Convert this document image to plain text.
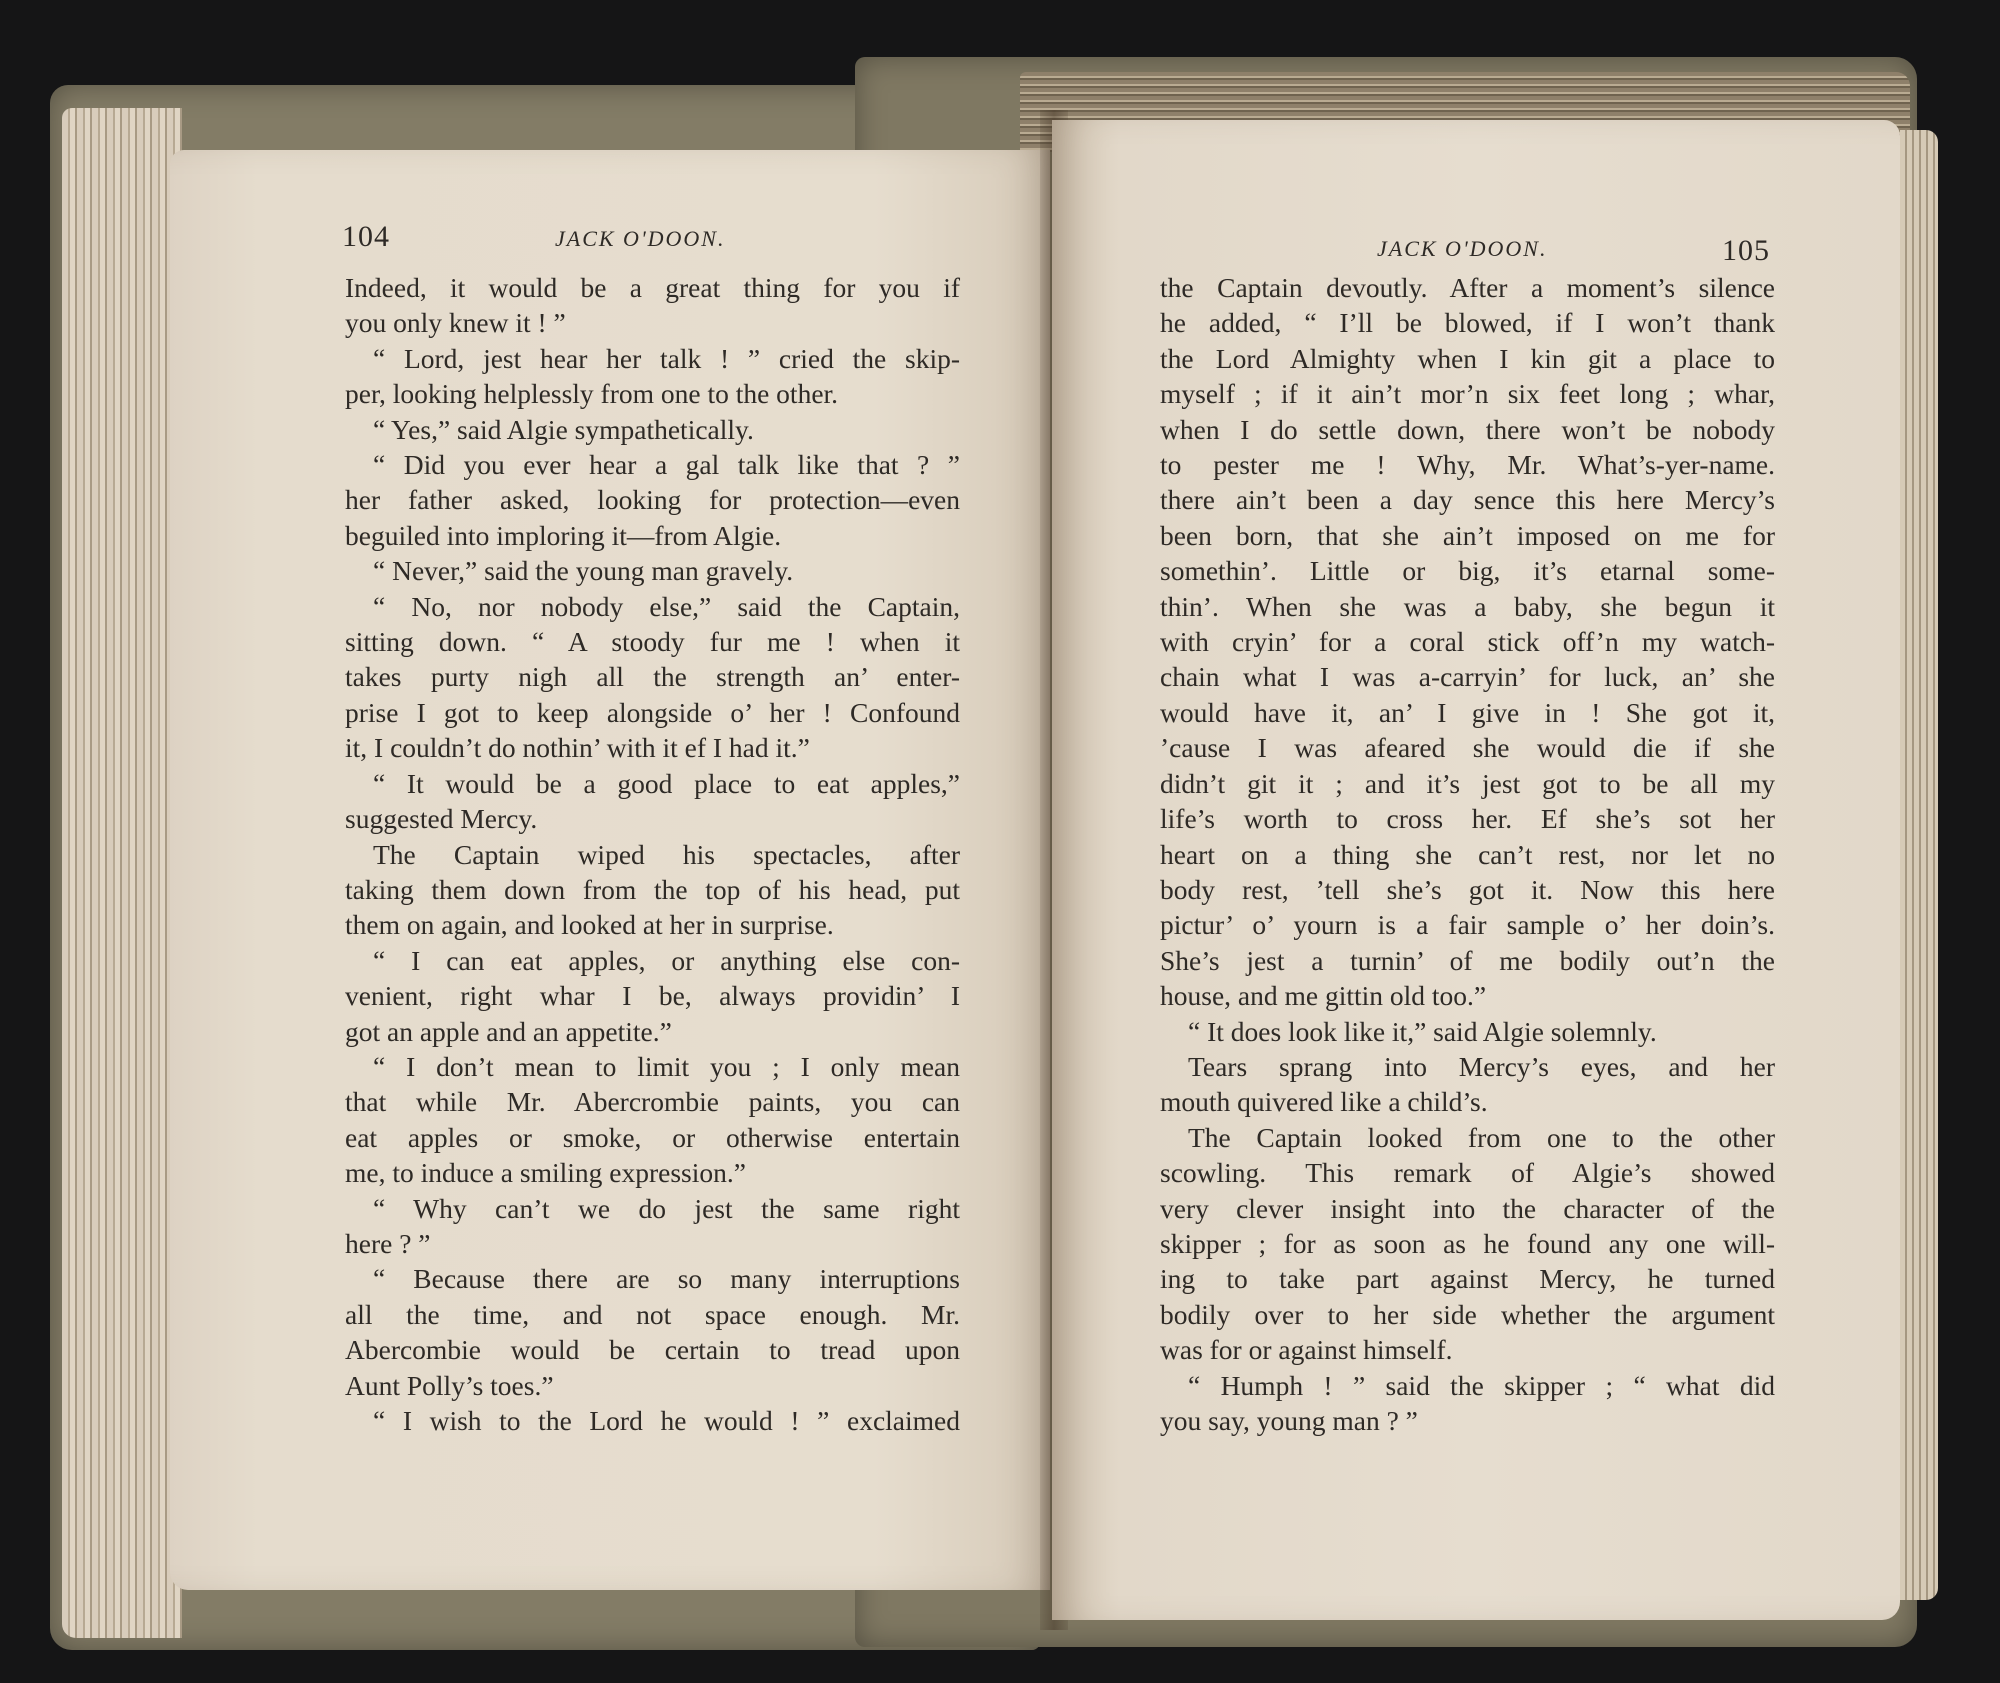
104	JACK O'DOON.
Indeed, it would be a great thing for you if
you only knew it ! ”
“ Lord, jest hear her talk ! ” cried the skip-
per, looking helplessly from one to the other.
“ Yes,” said Algie sympathetically.
“ Did you ever hear a gal talk like that ? ”
her father asked, looking for protection—even
beguiled into imploring it—from Algie.
“ Never,” said the young man gravely.
“ No, nor nobody else,” said the Captain,
sitting down. “ A stoody fur me ! when it
takes purty nigh all the strength an’ enter-
prise I got to keep alongside o’ her ! Confound
it, I couldn’t do nothin’ with it ef I had it.”
“ It would be a good place to eat apples,”
suggested Mercy.
The Captain wiped his spectacles, after
taking them down from the top of his head, put
them on again, and looked at her in surprise.
“ I can eat apples, or anything else con-
venient, right whar I be, always providin’ I
got an apple and an appetite.”
“ I don’t mean to limit you ; I only mean
that while Mr. Abercrombie paints, you can
eat apples or smoke, or otherwise entertain
me, to induce a smiling expression.”
“ Why can’t we do jest the same right
here ? ”
“ Because there are so many interruptions
all the time, and not space enough. Mr.
Abercombie would be certain to tread upon
Aunt Polly’s toes.”
“ I wish to the Lord he would ! ” exclaimed
JACK O'DOON.	105
the Captain devoutly. After a moment’s silence
he added, “ I’ll be blowed, if I won’t thank
the Lord Almighty when I kin git a place to
myself ; if it ain’t mor’n six feet long ; whar,
when I do settle down, there won’t be nobody
to pester me ! Why, Mr. What’s-yer-name.
there ain’t been a day sence this here Mercy’s
been born, that she ain’t imposed on me for
somethin’. Little or big, it’s etarnal some-
thin’. When she was a baby, she begun it
with cryin’ for a coral stick off’n my watch-
chain what I was a-carryin’ for luck, an’ she
would have it, an’ I give in ! She got it,
’cause I was afeared she would die if she
didn’t git it ; and it’s jest got to be all my
life’s worth to cross her. Ef she’s sot her
heart on a thing she can’t rest, nor let no
body rest, ’tell she’s got it. Now this here
pictur’ o’ yourn is a fair sample o’ her doin’s.
She’s jest a turnin’ of me bodily out’n the
house, and me gittin old too.”
“ It does look like it,” said Algie solemnly.
Tears sprang into Mercy’s eyes, and her
mouth quivered like a child’s.
The Captain looked from one to the other
scowling. This remark of Algie’s showed
very clever insight into the character of the
skipper ; for as soon as he found any one will-
ing to take part against Mercy, he turned
bodily over to her side whether the argument
was for or against himself.
“ Humph ! ” said the skipper ; “ what did
you say, young man ? ”
